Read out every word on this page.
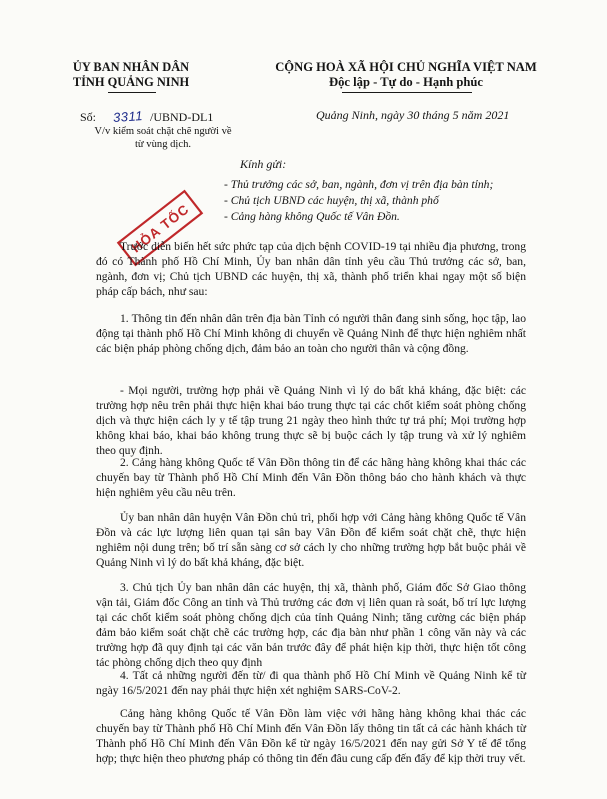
ỦY BAN NHÂN DÂN
TỈNH QUẢNG NINH
CỘNG HOÀ XÃ HỘI CHỦ NGHĨA VIỆT NAM
Độc lập - Tự do - Hạnh phúc
Số: 3311 /UBND-DL1	Quảng Ninh, ngày 30 tháng 5 năm 2021
V/v kiểm soát chặt chẽ người về
từ vùng dịch.
HỎA TỐC
Kính gửi:
- Thủ trưởng các sở, ban, ngành, đơn vị trên địa bàn tỉnh;
- Chủ tịch UBND các huyện, thị xã, thành phố
- Cảng hàng không Quốc tế Vân Đồn.
Trước diễn biến hết sức phức tạp của dịch bệnh COVID-19 tại nhiều địa phương, trong đó có Thành phố Hồ Chí Minh, Ủy ban nhân dân tỉnh yêu cầu Thủ trưởng các sở, ban, ngành, đơn vị; Chủ tịch UBND các huyện, thị xã, thành phố triển khai ngay một số biện pháp cấp bách, như sau:
1. Thông tin đến nhân dân trên địa bàn Tỉnh có người thân đang sinh sống, học tập, lao động tại thành phố Hồ Chí Minh không di chuyển về Quảng Ninh để thực hiện nghiêm nhất các biện pháp phòng chống dịch, đảm bảo an toàn cho người thân và cộng đồng.
- Mọi người, trường hợp phải về Quảng Ninh vì lý do bất khả kháng, đặc biệt: các trường hợp nêu trên phải thực hiện khai báo trung thực tại các chốt kiểm soát phòng chống dịch và thực hiện cách ly y tế tập trung 21 ngày theo hình thức tự trả phí; Mọi trường hợp không khai báo, khai báo không trung thực sẽ bị buộc cách ly tập trung và xử lý nghiêm theo quy định.
2. Cảng hàng không Quốc tế Vân Đồn thông tin để các hãng hàng không khai thác các chuyến bay từ Thành phố Hồ Chí Minh đến Vân Đồn thông báo cho hành khách và thực hiện nghiêm yêu cầu nêu trên.
Ủy ban nhân dân huyện Vân Đồn chủ trì, phối hợp với Cảng hàng không Quốc tế Vân Đồn và các lực lượng liên quan tại sân bay Vân Đồn để kiểm soát chặt chẽ, thực hiện nghiêm nội dung trên; bố trí sẵn sàng cơ sở cách ly cho những trường hợp bắt buộc phải về Quảng Ninh vì lý do bất khả kháng, đặc biệt.
3. Chủ tịch Ủy ban nhân dân các huyện, thị xã, thành phố, Giám đốc Sở Giao thông vận tải, Giám đốc Công an tỉnh và Thủ trưởng các đơn vị liên quan rà soát, bố trí lực lượng tại các chốt kiểm soát phòng chống dịch của tỉnh Quảng Ninh; tăng cường các biện pháp đảm bảo kiểm soát chặt chẽ các trường hợp, các địa bàn như phần 1 công văn này và các trường hợp đã quy định tại các văn bản trước đây để phát hiện kịp thời, thực hiện tốt công tác phòng chống dịch theo quy định
4. Tất cả những người đến từ/ đi qua thành phố Hồ Chí Minh về Quảng Ninh kể từ ngày 16/5/2021 đến nay phải thực hiện xét nghiệm SARS-CoV-2.
Cảng hàng không Quốc tế Vân Đồn làm việc với hãng hàng không khai thác các chuyến bay từ Thành phố Hồ Chí Minh đến Vân Đồn lấy thông tin tất cả các hành khách từ Thành phố Hồ Chí Minh đến Vân Đồn kể từ ngày 16/5/2021 đến nay gửi Sở Y tế để tổng hợp; thực hiện theo phương pháp có thông tin đến đâu cung cấp đến đấy để kịp thời truy vết.
